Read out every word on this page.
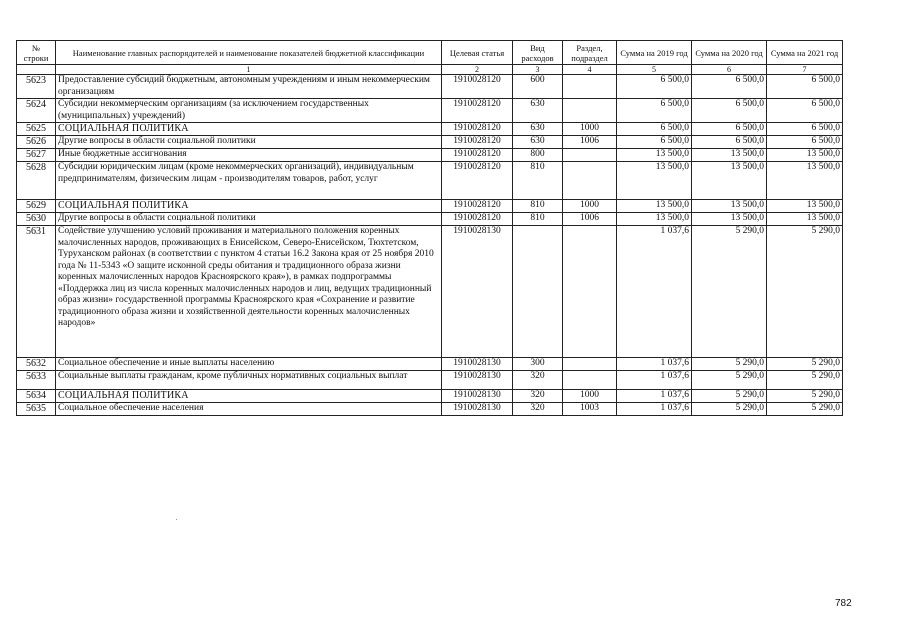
№ строки	Наименование главных распорядителей и наименование показателей бюджетной классификации	Целевая статья	Вид расходов	Раздел, подраздел	Сумма на 2019 год	Сумма на 2020 год	Сумма на 2021 год
	1	2	3	4	5	6	7
5623	Предоставление субсидий бюджетным, автономным учреждениям и иным некоммерческим организациям	1910028120	600		6 500,0	6 500,0	6 500,0
5624	Субсидии некоммерческим организациям (за исключением государственных (муниципальных) учреждений)	1910028120	630		6 500,0	6 500,0	6 500,0
5625	СОЦИАЛЬНАЯ ПОЛИТИКА	1910028120	630	1000	6 500,0	6 500,0	6 500,0
5626	Другие вопросы в области социальной политики	1910028120	630	1006	6 500,0	6 500,0	6 500,0
5627	Иные бюджетные ассигнования	1910028120	800		13 500,0	13 500,0	13 500,0
5628	Субсидии юридическим лицам (кроме некоммерческих организаций), индивидуальным предпринимателям, физическим лицам - производителям товаров, работ, услуг	1910028120	810		13 500,0	13 500,0	13 500,0
5629	СОЦИАЛЬНАЯ ПОЛИТИКА	1910028120	810	1000	13 500,0	13 500,0	13 500,0
5630	Другие вопросы в области социальной политики	1910028120	810	1006	13 500,0	13 500,0	13 500,0
5631	Содействие улучшению условий проживания и материального положения коренных малочисленных народов, проживающих в Енисейском, Северо-Енисейском, Тюхтетском, Туруханском районах (в соответствии с пунктом 4 статьи 16.2 Закона края от 25 ноября 2010 года № 11-5343 «О защите исконной среды обитания и традиционного образа жизни коренных малочисленных народов Красноярского края»), в рамках подпрограммы «Поддержка лиц из числа коренных малочисленных народов и лиц, ведущих традиционный образ жизни» государственной программы Красноярского края «Сохранение и развитие традиционного образа жизни и хозяйственной деятельности коренных малочисленных народов»	1910028130			1 037,6	5 290,0	5 290,0
5632	Социальное обеспечение и иные выплаты населению	1910028130	300		1 037,6	5 290,0	5 290,0
5633	Социальные выплаты гражданам, кроме публичных нормативных социальных выплат	1910028130	320		1 037,6	5 290,0	5 290,0
5634	СОЦИАЛЬНАЯ ПОЛИТИКА	1910028130	320	1000	1 037,6	5 290,0	5 290,0
5635	Социальное обеспечение населения	1910028130	320	1003	1 037,6	5 290,0	5 290,0
782
